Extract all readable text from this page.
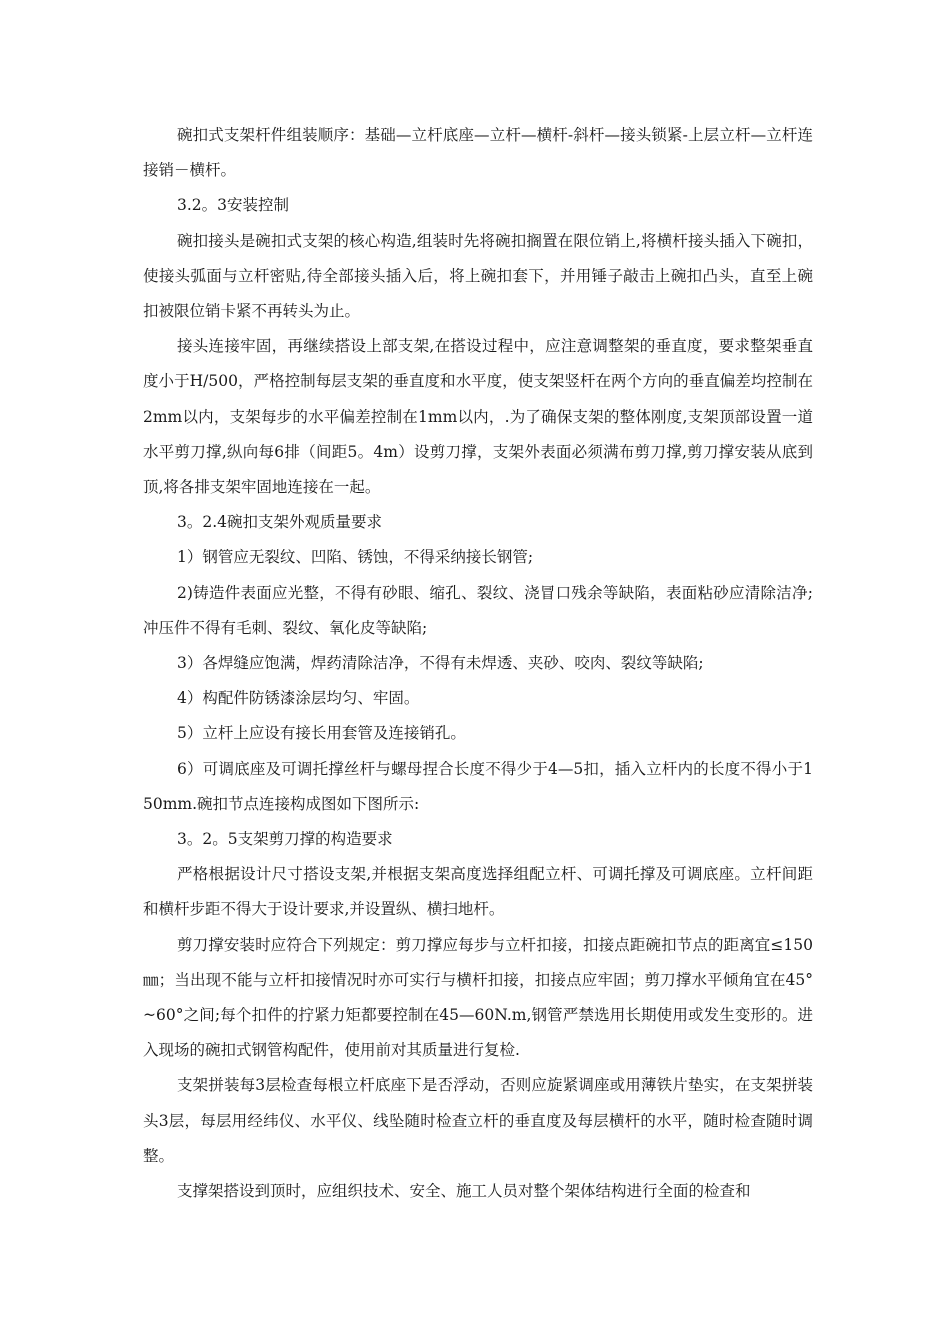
碗扣式支架杆件组装顺序：基础—立杆底座—立杆—横杆-斜杆—接头锁紧-上层立杆—立杆连接销－横杆。

3.2。3安装控制

碗扣接头是碗扣式支架的核心构造,组装时先将碗扣搁置在限位销上,将横杆接头插入下碗扣，使接头弧面与立杆密贴,待全部接头插入后，将上碗扣套下，并用锤子敲击上碗扣凸头，直至上碗扣被限位销卡紧不再转头为止。

接头连接牢固，再继续搭设上部支架,在搭设过程中，应注意调整架的垂直度，要求整架垂直度小于H/500，严格控制每层支架的垂直度和水平度，使支架竖杆在两个方向的垂直偏差均控制在2mm以内，支架每步的水平偏差控制在1mm以内，.为了确保支架的整体刚度,支架顶部设置一道水平剪刀撑,纵向每6排（间距5。4m）设剪刀撑，支架外表面必须满布剪刀撑,剪刀撑安装从底到顶,将各排支架牢固地连接在一起。

3。2.4碗扣支架外观质量要求

1）钢管应无裂纹、凹陷、锈蚀，不得采纳接长钢管;

2)铸造件表面应光整，不得有砂眼、缩孔、裂纹、浇冒口残余等缺陷，表面粘砂应清除洁净;冲压件不得有毛刺、裂纹、氧化皮等缺陷;

3）各焊缝应饱满，焊药清除洁净，不得有未焊透、夹砂、咬肉、裂纹等缺陷;

4）构配件防锈漆涂层均匀、牢固。

5）立杆上应设有接长用套管及连接销孔。

6）可调底座及可调托撑丝杆与螺母捏合长度不得少于4—5扣，插入立杆内的长度不得小于150mm.碗扣节点连接构成图如下图所示:

3。2。5支架剪刀撑的构造要求

严格根据设计尺寸搭设支架,并根据支架高度选择组配立杆、可调托撑及可调底座。立杆间距和横杆步距不得大于设计要求,并设置纵、横扫地杆。

剪刀撑安装时应符合下列规定：剪刀撑应每步与立杆扣接，扣接点距碗扣节点的距离宜≤150㎜；当出现不能与立杆扣接情况时亦可实行与横杆扣接，扣接点应牢固；剪刀撑水平倾角宜在45°~60°之间;每个扣件的拧紧力矩都要控制在45—60N.m,钢管严禁选用长期使用或发生变形的。进入现场的碗扣式钢管构配件，使用前对其质量进行复检.

支架拼装每3层检查每根立杆底座下是否浮动，否则应旋紧调座或用薄铁片垫实，在支架拼装头3层，每层用经纬仪、水平仪、线坠随时检查立杆的垂直度及每层横杆的水平，随时检查随时调整。

支撑架搭设到顶时，应组织技术、安全、施工人员对整个架体结构进行全面的检查和
